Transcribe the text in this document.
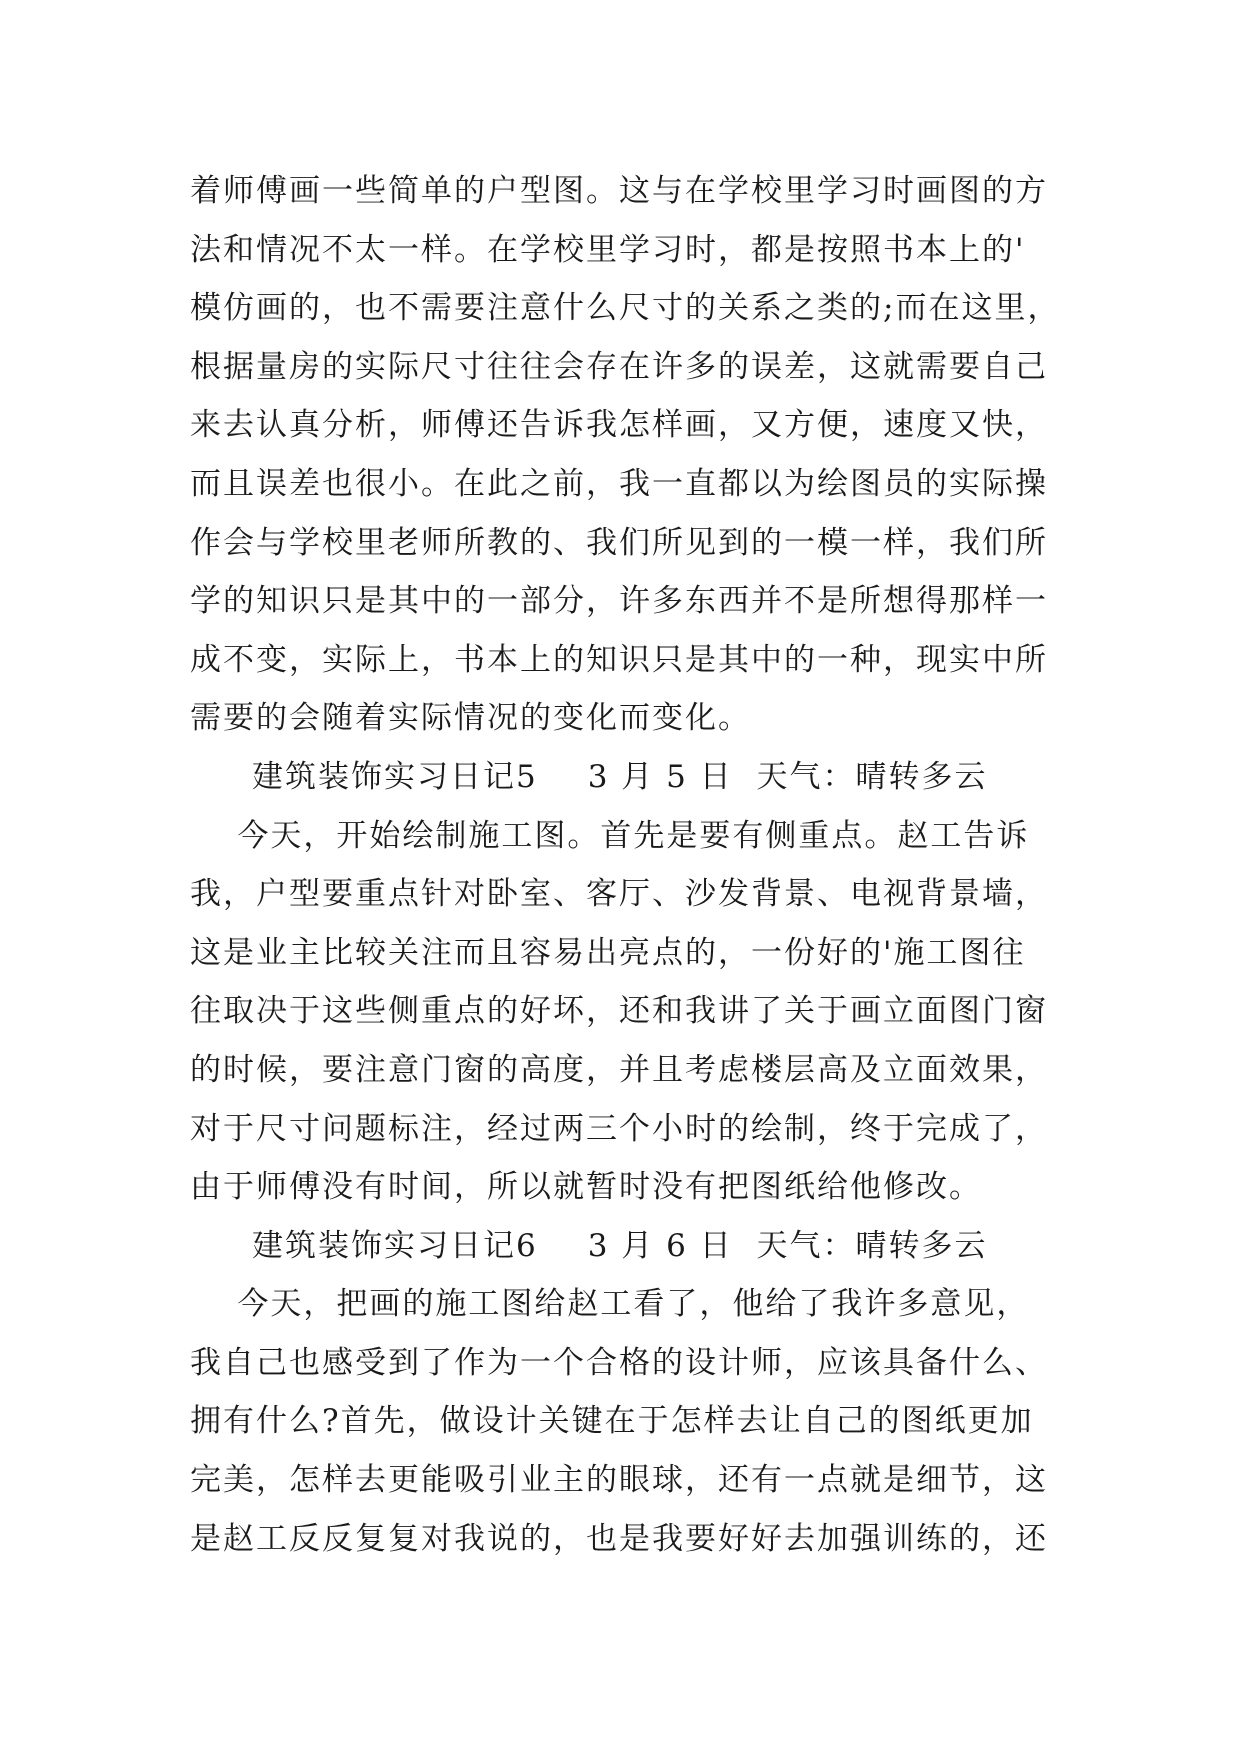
着师傅画一些简单的户型图。这与在学校里学习时画图的方
法和情况不太一样。在学校里学习时，都是按照书本上的'
模仿画的，也不需要注意什么尺寸的关系之类的;而在这里，
根据量房的实际尺寸往往会存在许多的误差，这就需要自己
来去认真分析，师傅还告诉我怎样画，又方便，速度又快，
而且误差也很小。在此之前，我一直都以为绘图员的实际操
作会与学校里老师所教的、我们所见到的一模一样，我们所
学的知识只是其中的一部分，许多东西并不是所想得那样一
成不变，实际上，书本上的知识只是其中的一种，现实中所
需要的会随着实际情况的变化而变化。
建筑装饰实习日记5 3 月 5 日  天气：晴转多云
今天，开始绘制施工图。首先是要有侧重点。赵工告诉
我，户型要重点针对卧室、客厅、沙发背景、电视背景墙，
这是业主比较关注而且容易出亮点的，一份好的'施工图往
往取决于这些侧重点的好坏，还和我讲了关于画立面图门窗
的时候，要注意门窗的高度，并且考虑楼层高及立面效果，
对于尺寸问题标注，经过两三个小时的绘制，终于完成了，
由于师傅没有时间，所以就暂时没有把图纸给他修改。
建筑装饰实习日记6 3 月 6 日  天气：晴转多云
今天，把画的施工图给赵工看了，他给了我许多意见，
我自己也感受到了作为一个合格的设计师，应该具备什么、
拥有什么?首先，做设计关键在于怎样去让自己的图纸更加
完美，怎样去更能吸引业主的眼球，还有一点就是细节，这
是赵工反反复复对我说的，也是我要好好去加强训练的，还
